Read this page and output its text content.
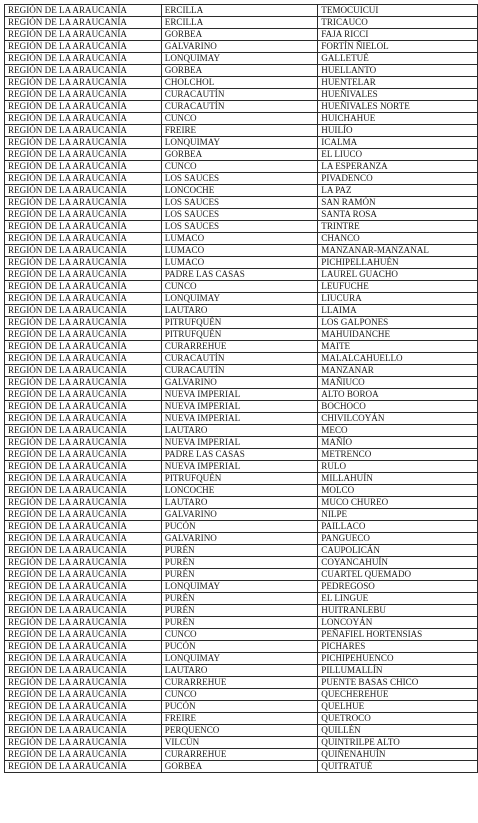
REGIÓN DE LA ARAUCANÍA	ERCILLA	TEMOCUICUI
REGIÓN DE LA ARAUCANÍA	ERCILLA	TRICAUCO
REGIÓN DE LA ARAUCANÍA	GORBEA	FAJA RICCI
REGIÓN DE LA ARAUCANÍA	GALVARINO	FORTÍN ÑIELOL
REGIÓN DE LA ARAUCANÍA	LONQUIMAY	GALLETUÉ
REGIÓN DE LA ARAUCANÍA	GORBEA	HUELLANTO
REGIÓN DE LA ARAUCANÍA	CHOLCHOL	HUENTELAR
REGIÓN DE LA ARAUCANÍA	CURACAUTÍN	HUEÑIVALES
REGIÓN DE LA ARAUCANÍA	CURACAUTÍN	HUEÑIVALES NORTE
REGIÓN DE LA ARAUCANÍA	CUNCO	HUICHAHUE
REGIÓN DE LA ARAUCANÍA	FREIRE	HUILÍO
REGIÓN DE LA ARAUCANÍA	LONQUIMAY	ICALMA
REGIÓN DE LA ARAUCANÍA	GORBEA	EL LIUCO
REGIÓN DE LA ARAUCANÍA	CUNCO	LA ESPERANZA
REGIÓN DE LA ARAUCANÍA	LOS SAUCES	PIVADENCO
REGIÓN DE LA ARAUCANÍA	LONCOCHE	LA PAZ
REGIÓN DE LA ARAUCANÍA	LOS SAUCES	SAN RAMÓN
REGIÓN DE LA ARAUCANÍA	LOS SAUCES	SANTA ROSA
REGIÓN DE LA ARAUCANÍA	LOS SAUCES	TRINTRE
REGIÓN DE LA ARAUCANÍA	LUMACO	CHANCO
REGIÓN DE LA ARAUCANÍA	LUMACO	MANZANAR-MANZANAL
REGIÓN DE LA ARAUCANÍA	LUMACO	PICHIPELLAHUÉN
REGIÓN DE LA ARAUCANÍA	PADRE LAS CASAS	LAUREL GUACHO
REGIÓN DE LA ARAUCANÍA	CUNCO	LEUFUCHE
REGIÓN DE LA ARAUCANÍA	LONQUIMAY	LIUCURA
REGIÓN DE LA ARAUCANÍA	LAUTARO	LLAIMA
REGIÓN DE LA ARAUCANÍA	PITRUFQUÉN	LOS GALPONES
REGIÓN DE LA ARAUCANÍA	PITRUFQUÉN	MAHUIDANCHE
REGIÓN DE LA ARAUCANÍA	CURARREHUE	MAITE
REGIÓN DE LA ARAUCANÍA	CURACAUTÍN	MALALCAHUELLO
REGIÓN DE LA ARAUCANÍA	CURACAUTÍN	MANZANAR
REGIÓN DE LA ARAUCANÍA	GALVARINO	MAÑIUCO
REGIÓN DE LA ARAUCANÍA	NUEVA IMPERIAL	ALTO BOROA
REGIÓN DE LA ARAUCANÍA	NUEVA IMPERIAL	BOCHOCO
REGIÓN DE LA ARAUCANÍA	NUEVA IMPERIAL	CHIVILCOYÁN
REGIÓN DE LA ARAUCANÍA	LAUTARO	MECO
REGIÓN DE LA ARAUCANÍA	NUEVA IMPERIAL	MAÑÍO
REGIÓN DE LA ARAUCANÍA	PADRE LAS CASAS	METRENCO
REGIÓN DE LA ARAUCANÍA	NUEVA IMPERIAL	RULO
REGIÓN DE LA ARAUCANÍA	PITRUFQUÉN	MILLAHUÍN
REGIÓN DE LA ARAUCANÍA	LONCOCHE	MOLCO
REGIÓN DE LA ARAUCANÍA	LAUTARO	MUCO CHUREO
REGIÓN DE LA ARAUCANÍA	GALVARINO	NILPE
REGIÓN DE LA ARAUCANÍA	PUCÓN	PAILLACO
REGIÓN DE LA ARAUCANÍA	GALVARINO	PANGUECO
REGIÓN DE LA ARAUCANÍA	PURÉN	CAUPOLICÁN
REGIÓN DE LA ARAUCANÍA	PURÉN	COYANCAHUÍN
REGIÓN DE LA ARAUCANÍA	PURÉN	CUARTEL QUEMADO
REGIÓN DE LA ARAUCANÍA	LONQUIMAY	PEDREGOSO
REGIÓN DE LA ARAUCANÍA	PURÉN	EL LINGUE
REGIÓN DE LA ARAUCANÍA	PURÉN	HUITRANLEBU
REGIÓN DE LA ARAUCANÍA	PURÉN	LONCOYÁN
REGIÓN DE LA ARAUCANÍA	CUNCO	PEÑAFIEL HORTENSIAS
REGIÓN DE LA ARAUCANÍA	PUCÓN	PICHARES
REGIÓN DE LA ARAUCANÍA	LONQUIMAY	PICHIPEHUENCO
REGIÓN DE LA ARAUCANÍA	LAUTARO	PILLUMALLÍN
REGIÓN DE LA ARAUCANÍA	CURARREHUE	PUENTE BASAS CHICO
REGIÓN DE LA ARAUCANÍA	CUNCO	QUECHEREHUE
REGIÓN DE LA ARAUCANÍA	PUCÓN	QUELHUE
REGIÓN DE LA ARAUCANÍA	FREIRE	QUETROCO
REGIÓN DE LA ARAUCANÍA	PERQUENCO	QUILLÉN
REGIÓN DE LA ARAUCANÍA	VILCÚN	QUINTRILPE ALTO
REGIÓN DE LA ARAUCANÍA	CURARREHUE	QUIÑENAHUÍN
REGIÓN DE LA ARAUCANÍA	GORBEA	QUITRATUÉ
